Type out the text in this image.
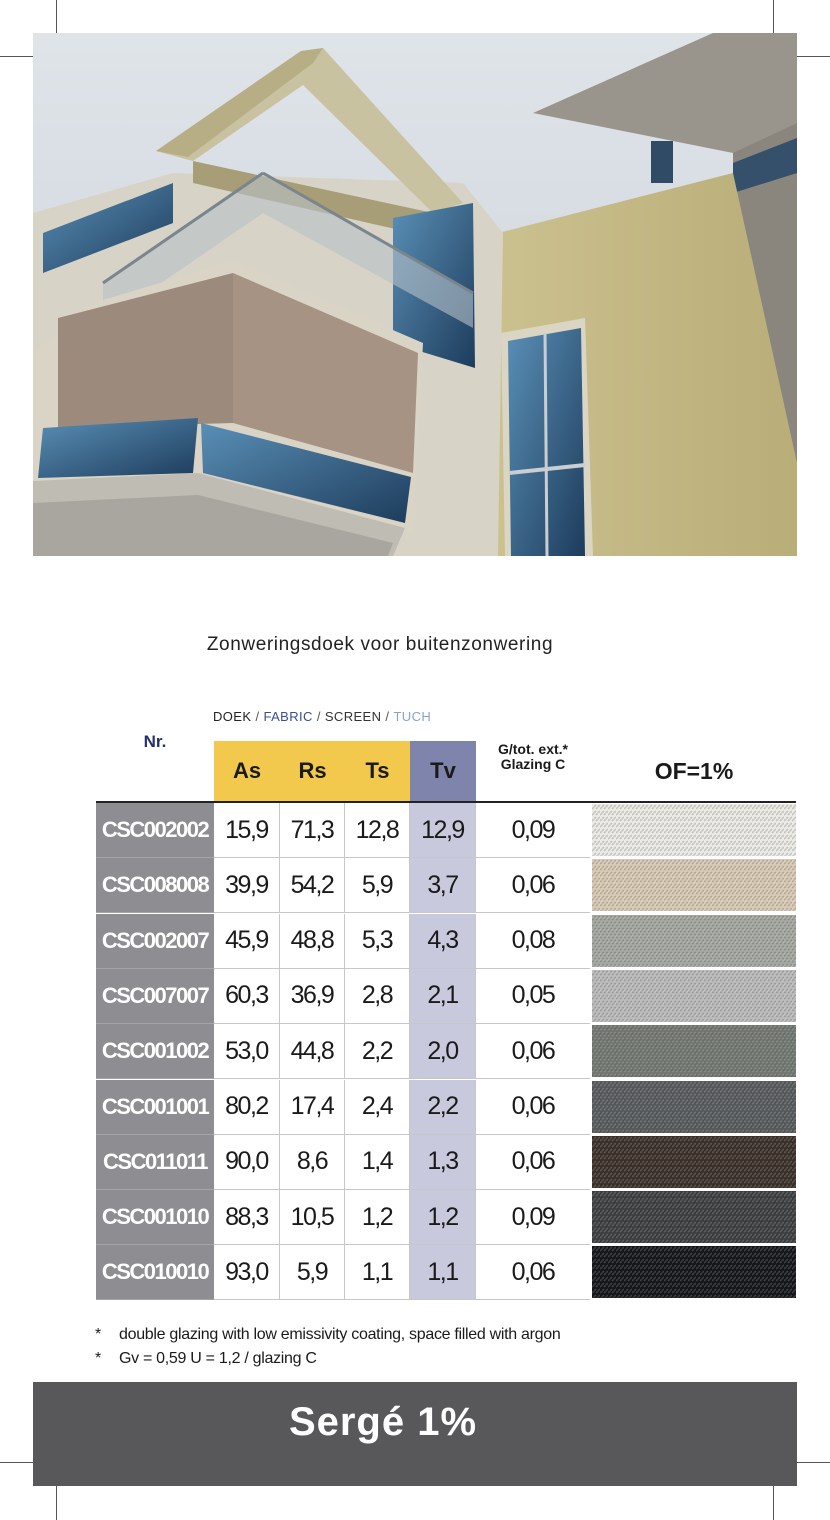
Zonweringsdoek voor buitenzonwering
DOEK / FABRIC / SCREEN / TUCH
Nr.
As	Rs	Ts	Tv
G/tot. ext.*
Glazing C	OF=1%
CSC002002 15,9 71,3 12,8 12,9	0,09
CSC008008 39,9 54,2	5,9	3,7	0,06
CSC002007 45,9 48,8	5,3	4,3	0,08
CSC007007 60,3 36,9	2,8	2,1	0,05
CSC001002 53,0 44,8	2,2	2,0	0,06
CSC001001 80,2 17,4	2,4	2,2	0,06
CSC011011 90,0	8,6	1,4	1,3	0,06
CSC001010 88,3 10,5	1,2	1,2	0,09
CSC010010 93,0	5,9	1,1	1,1	0,06
* double glazing with low emissivity coating, space filled with argon
* Gv = 0,59 U = 1,2 / glazing C
Sergé 1%
